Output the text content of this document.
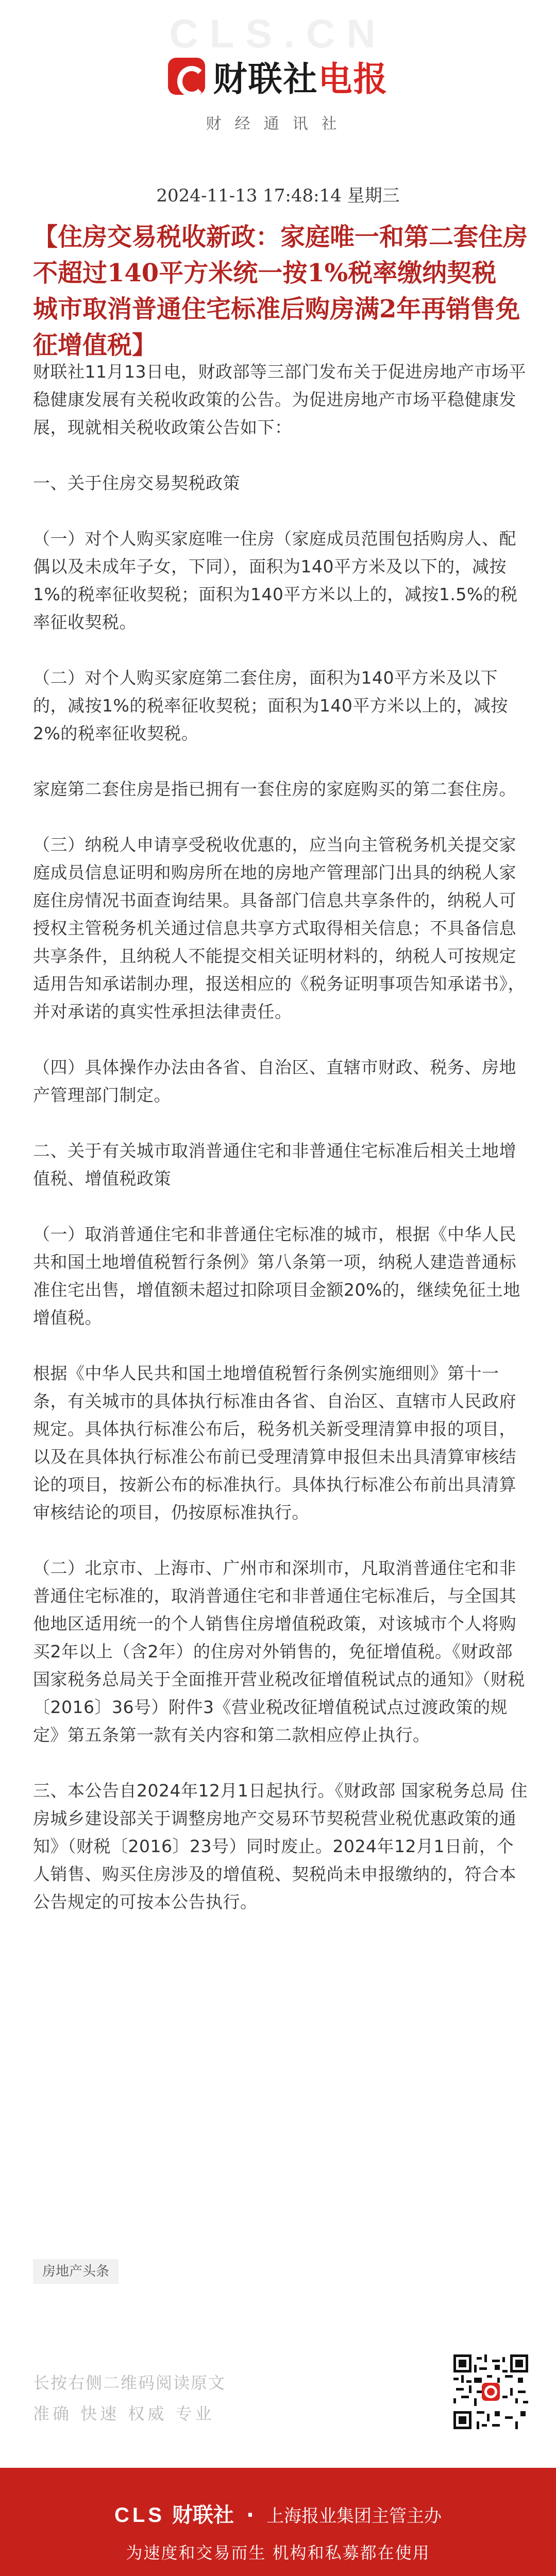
CLS.CN
财联社电报
财经通讯社
2024-11-13 17:48:14 星期三
【住房交易税收新政：家庭唯一和第二套住房不超过140平方米统一按1%税率缴纳契税 城市取消普通住宅标准后购房满2年再销售免征增值税】

财联社11月13日电，财政部等三部门发布关于促进房地产市场平稳健康发展有关税收政策的公告。为促进房地产市场平稳健康发展，现就相关税收政策公告如下：

一、关于住房交易契税政策

（一）对个人购买家庭唯一住房（家庭成员范围包括购房人、配偶以及未成年子女，下同），面积为140平方米及以下的，减按1%的税率征收契税；面积为140平方米以上的，减按1.5%的税率征收契税。

（二）对个人购买家庭第二套住房，面积为140平方米及以下的，减按1%的税率征收契税；面积为140平方米以上的，减按2%的税率征收契税。

家庭第二套住房是指已拥有一套住房的家庭购买的第二套住房。

（三）纳税人申请享受税收优惠的，应当向主管税务机关提交家庭成员信息证明和购房所在地的房地产管理部门出具的纳税人家庭住房情况书面查询结果。具备部门信息共享条件的，纳税人可授权主管税务机关通过信息共享方式取得相关信息；不具备信息共享条件，且纳税人不能提交相关证明材料的，纳税人可按规定适用告知承诺制办理，报送相应的《税务证明事项告知承诺书》，并对承诺的真实性承担法律责任。

（四）具体操作办法由各省、自治区、直辖市财政、税务、房地产管理部门制定。

二、关于有关城市取消普通住宅和非普通住宅标准后相关土地增值税、增值税政策

（一）取消普通住宅和非普通住宅标准的城市，根据《中华人民共和国土地增值税暂行条例》第八条第一项，纳税人建造普通标准住宅出售，增值额未超过扣除项目金额20%的，继续免征土地增值税。

根据《中华人民共和国土地增值税暂行条例实施细则》第十一条，有关城市的具体执行标准由各省、自治区、直辖市人民政府规定。具体执行标准公布后，税务机关新受理清算申报的项目，以及在具体执行标准公布前已受理清算申报但未出具清算审核结论的项目，按新公布的标准执行。具体执行标准公布前出具清算审核结论的项目，仍按原标准执行。

（二）北京市、上海市、广州市和深圳市，凡取消普通住宅和非普通住宅标准的，取消普通住宅和非普通住宅标准后，与全国其他地区适用统一的个人销售住房增值税政策，对该城市个人将购买2年以上（含2年）的住房对外销售的，免征增值税。《财政部 国家税务总局关于全面推开营业税改征增值税试点的通知》（财税〔2016〕36号）附件3《营业税改征增值税试点过渡政策的规定》第五条第一款有关内容和第二款相应停止执行。

三、本公告自2024年12月1日起执行。《财政部 国家税务总局 住房城乡建设部关于调整房地产交易环节契税营业税优惠政策的通知》（财税〔2016〕23号）同时废止。2024年12月1日前，个人销售、购买住房涉及的增值税、契税尚未申报缴纳的，符合本公告规定的可按本公告执行。

房地产头条
长按右侧二维码阅读原文
准确 快速 权威 专业
CLS 财联社 · 上海报业集团主管主办
为速度和交易而生 机构和私募都在使用
